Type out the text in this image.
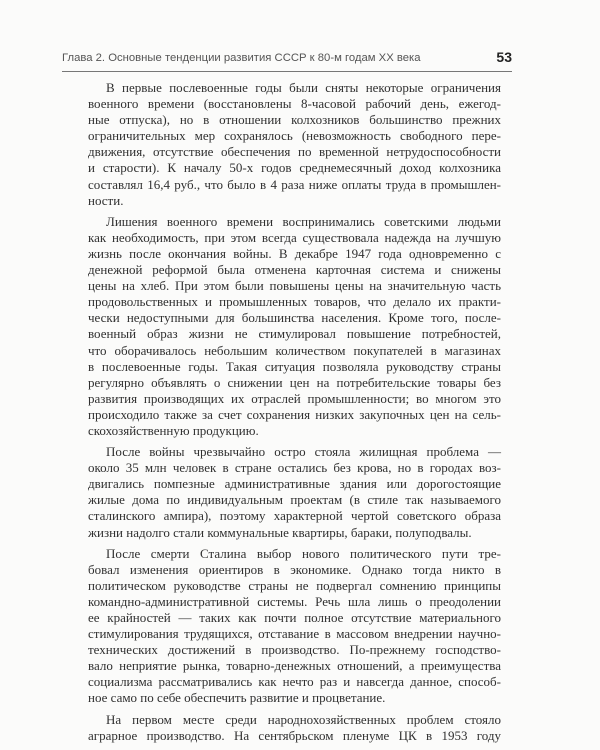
Глава 2. Основные тенденции развития СССР к 80-м годам XX века	53
В первые послевоенные годы были сняты некоторые ограничения
военного времени (восстановлены 8-часовой рабочий день, ежегод-
ные отпуска), но в отношении колхозников большинство прежних
ограничительных мер сохранялось (невозможность свободного пере-
движения, отсутствие обеспечения по временной нетрудоспособности
и старости). К началу 50-х годов среднемесячный доход колхозника
составлял 16,4 руб., что было в 4 раза ниже оплаты труда в промышлен-
ности.
Лишения военного времени воспринимались советскими людьми
как необходимость, при этом всегда существовала надежда на лучшую
жизнь после окончания войны. В декабре 1947 года одновременно с
денежной реформой была отменена карточная система и снижены
цены на хлеб. При этом были повышены цены на значительную часть
продовольственных и промышленных товаров, что делало их практи-
чески недоступными для большинства населения. Кроме того, после-
военный образ жизни не стимулировал повышение потребностей,
что оборачивалось небольшим количеством покупателей в магазинах
в послевоенные годы. Такая ситуация позволяла руководству страны
регулярно объявлять о снижении цен на потребительские товары без
развития производящих их отраслей промышленности; во многом это
происходило также за счет сохранения низких закупочных цен на сель-
скохозяйственную продукцию.
После войны чрезвычайно остро стояла жилищная проблема —
около 35 млн человек в стране остались без крова, но в городах воз-
двигались помпезные административные здания или дорогостоящие
жилые дома по индивидуальным проектам (в стиле так называемого
сталинского ампира), поэтому характерной чертой советского образа
жизни надолго стали коммунальные квартиры, бараки, полуподвалы.
После смерти Сталина выбор нового политического пути тре-
бовал изменения ориентиров в экономике. Однако тогда никто в
политическом руководстве страны не подвергал сомнению принципы
командно-административной системы. Речь шла лишь о преодолении
ее крайностей — таких как почти полное отсутствие материального
стимулирования трудящихся, отставание в массовом внедрении научно-
технических достижений в производство. По-прежнему господство-
вало неприятие рынка, товарно-денежных отношений, а преимущества
социализма рассматривались как нечто раз и навсегда данное, способ-
ное само по себе обеспечить развитие и процветание.
На первом месте среди народнохозяйственных проблем стояло
аграрное производство. На сентябрьском пленуме ЦК в 1953 году
